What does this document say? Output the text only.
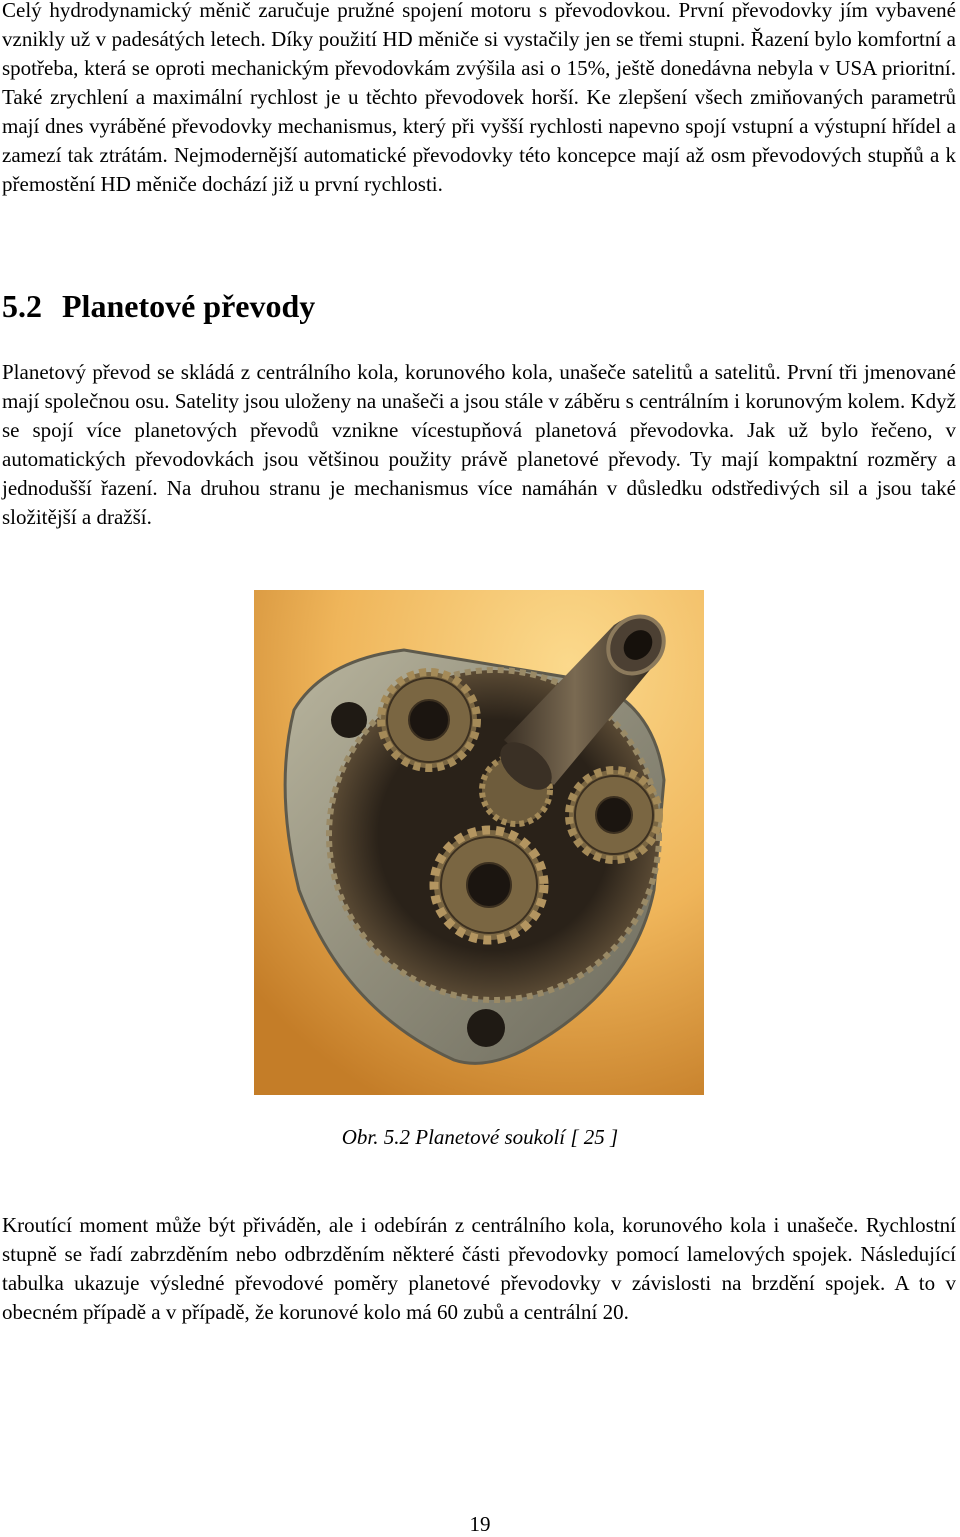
Celý hydrodynamický měnič zaručuje pružné spojení motoru s převodovkou. První převodovky jím vybavené vznikly už v padesátých letech. Díky použití HD měniče si vystačily jen se třemi stupni. Řazení bylo komfortní a spotřeba, která se oproti mechanickým převodovkám zvýšila asi o 15%, ještě donedávna nebyla v USA prioritní. Také zrychlení a maximální rychlost je u těchto převodovek horší. Ke zlepšení všech zmiňovaných parametrů mají dnes vyráběné převodovky mechanismus, který při vyšší rychlosti napevno spojí vstupní a výstupní hřídel a zamezí tak ztrátám. Nejmodernější automatické převodovky této koncepce mají až osm převodových stupňů a k přemostění HD měniče dochází již u první rychlosti.

5.2 Planetové převody

Planetový převod se skládá z centrálního kola, korunového kola, unašeče satelitů a satelitů. První tři jmenované mají společnou osu. Satelity jsou uloženy na unašeči a jsou stále v záběru s centrálním i korunovým kolem. Když se spojí více planetových převodů vznikne vícestupňová planetová převodovka. Jak už bylo řečeno, v automatických převodovkách jsou většinou použity právě planetové převody. Ty mají kompaktní rozměry a jednodušší řazení. Na druhou stranu je mechanismus více namáhán v důsledku odstředivých sil a jsou také složitější a dražší.

Obr. 5.2 Planetové soukolí [ 25 ]

Kroutící moment může být přiváděn, ale i odebírán z centrálního kola, korunového kola i unašeče. Rychlostní stupně se řadí zabrzděním nebo odbrzděním některé části převodovky pomocí lamelových spojek. Následující tabulka ukazuje výsledné převodové poměry planetové převodovky v závislosti na brzdění spojek. A to v obecném případě a v případě, že korunové kolo má 60 zubů a centrální 20.

19
